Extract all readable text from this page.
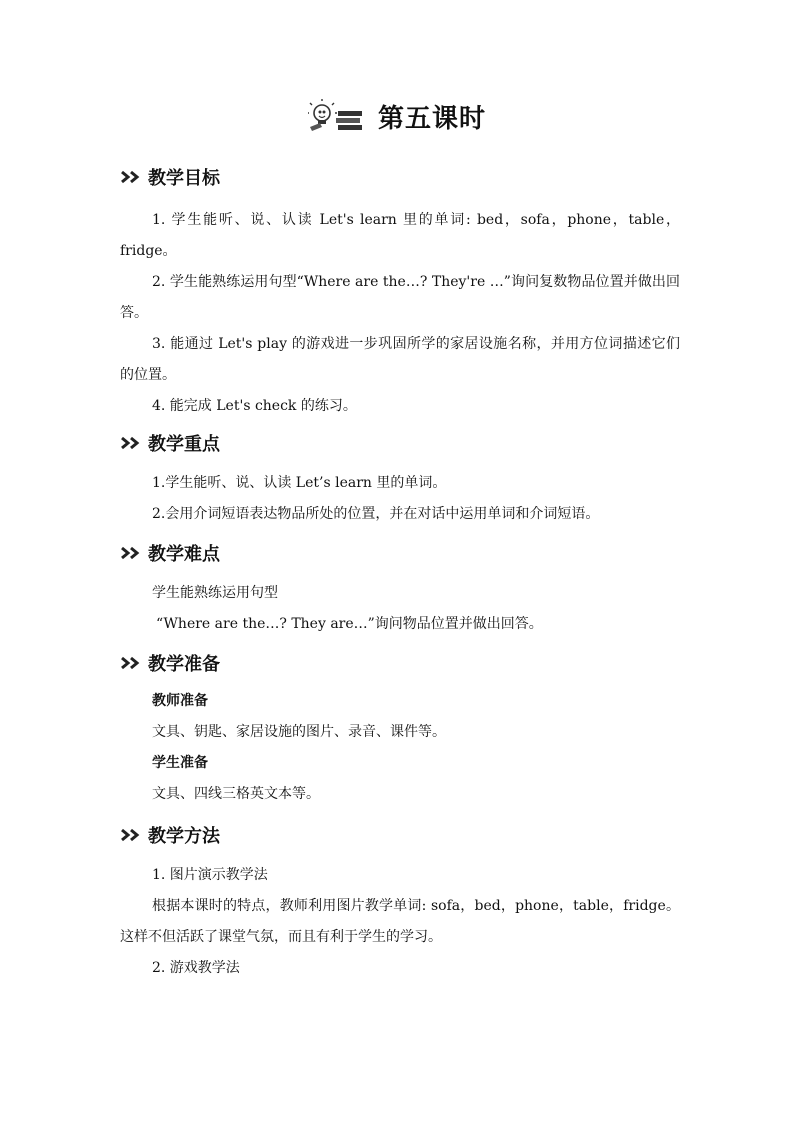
第五课时
教学目标

1. 学生能听、说、认读 Let's learn 里的单词: bed，sofa，phone，table，fridge。

2. 学生能熟练运用句型“Where are the…? They're …”询问复数物品位置并做出回答。

3. 能通过 Let's play 的游戏进一步巩固所学的家居设施名称，并用方位词描述它们的位置。

4. 能完成 Let's check 的练习。

教学重点

1.学生能听、说、认读 Let’s learn 里的单词。

2.会用介词短语表达物品所处的位置，并在对话中运用单词和介词短语。

教学难点

学生能熟练运用句型

“Where are the…? They are…”询问物品位置并做出回答。

教学准备

教师准备

文具、钥匙、家居设施的图片、录音、课件等。

学生准备

文具、四线三格英文本等。

教学方法

1. 图片演示教学法

根据本课时的特点，教师利用图片教学单词: sofa，bed，phone，table，fridge。这样不但活跃了课堂气氛，而且有利于学生的学习。

2. 游戏教学法
